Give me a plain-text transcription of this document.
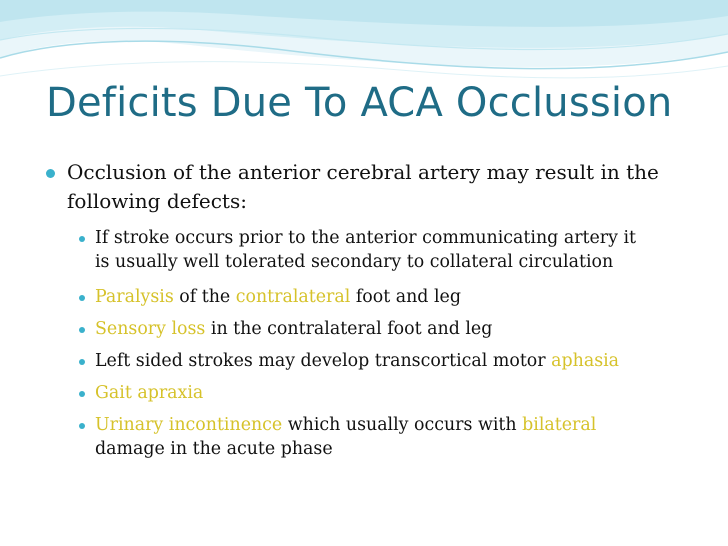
Deficits Due To ACA Occlussion
Occlusion of the anterior cerebral artery may result in the
following defects:
If stroke occurs prior to the anterior communicating artery it
is usually well tolerated secondary to collateral circulation
Paralysis of the contralateral foot and leg
Sensory loss in the contralateral foot and leg
Left sided strokes may develop transcortical motor aphasia
Gait apraxia
Urinary incontinence which usually occurs with bilateral
damage in the acute phase
